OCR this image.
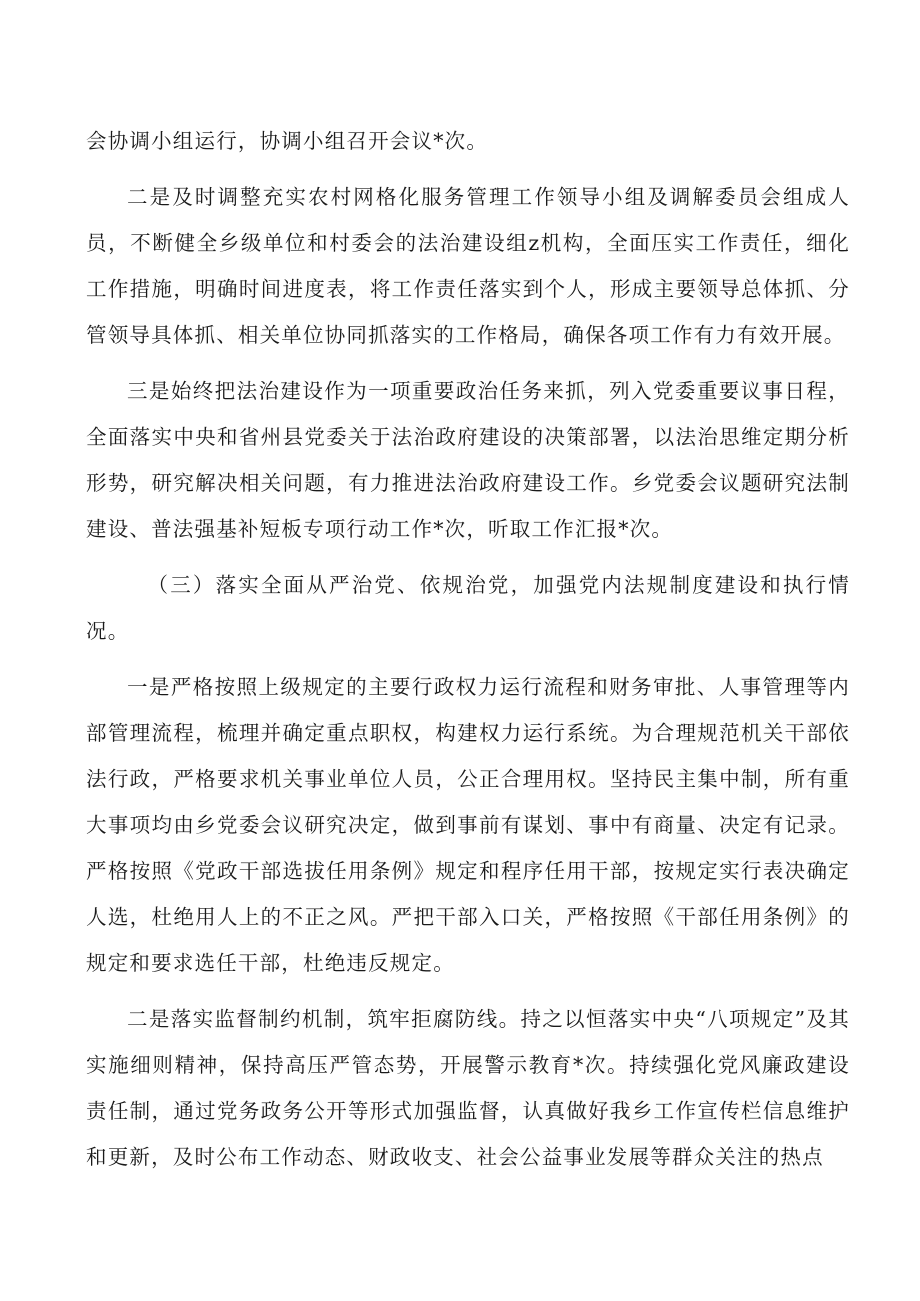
会协调小组运行，协调小组召开会议*次。

二是及时调整充实农村网格化服务管理工作领导小组及调解委员会组成人员，不断健全乡级单位和村委会的法治建设组z机构，全面压实工作责任，细化工作措施，明确时间进度表，将工作责任落实到个人，形成主要领导总体抓、分管领导具体抓、相关单位协同抓落实的工作格局，确保各项工作有力有效开展。

三是始终把法治建设作为一项重要政治任务来抓，列入党委重要议事日程，全面落实中央和省州县党委关于法治政府建设的决策部署，以法治思维定期分析形势，研究解决相关问题，有力推进法治政府建设工作。乡党委会议题研究法制建设、普法强基补短板专项行动工作*次，听取工作汇报*次。

（三）落实全面从严治党、依规治党，加强党内法规制度建设和执行情况。

一是严格按照上级规定的主要行政权力运行流程和财务审批、人事管理等内部管理流程，梳理并确定重点职权，构建权力运行系统。为合理规范机关干部依法行政，严格要求机关事业单位人员，公正合理用权。坚持民主集中制，所有重大事项均由乡党委会议研究决定，做到事前有谋划、事中有商量、决定有记录。严格按照《党政干部选拔任用条例》规定和程序任用干部，按规定实行表决确定人选，杜绝用人上的不正之风。严把干部入口关，严格按照《干部任用条例》的规定和要求选任干部，杜绝违反规定。

二是落实监督制约机制，筑牢拒腐防线。持之以恒落实中央“八项规定”及其实施细则精神，保持高压严管态势，开展警示教育*次。持续强化党风廉政建设责任制，通过党务政务公开等形式加强监督，认真做好我乡工作宣传栏信息维护和更新，及时公布工作动态、财政收支、社会公益事业发展等群众关注的热点
